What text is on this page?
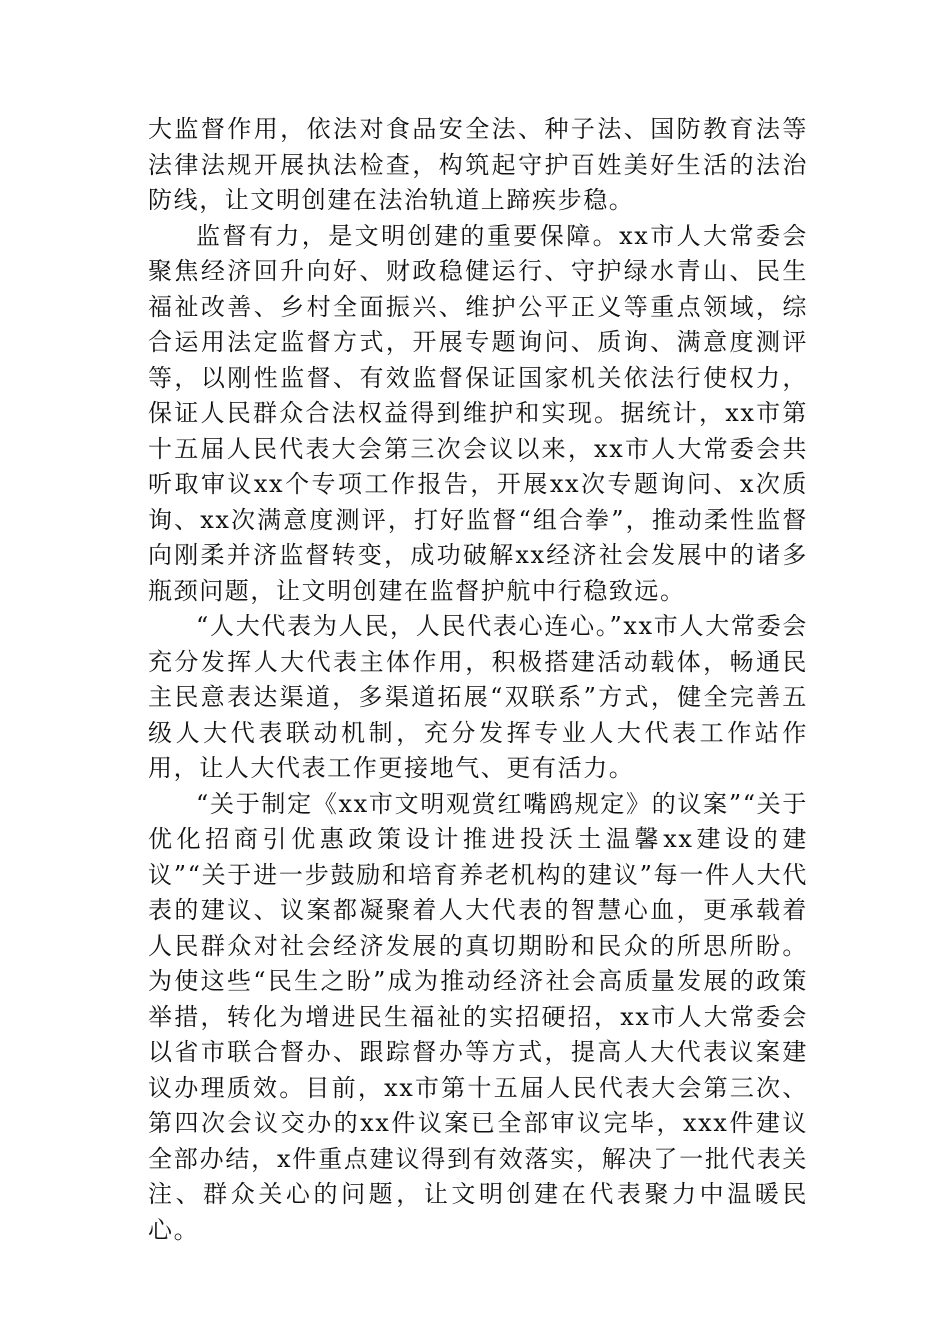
大监督作用，依法对食品安全法、种子法、国防教育法等法律法规开展执法检查，构筑起守护百姓美好生活的法治防线，让文明创建在法治轨道上蹄疾步稳。

监督有力，是文明创建的重要保障。xx市人大常委会聚焦经济回升向好、财政稳健运行、守护绿水青山、民生福祉改善、乡村全面振兴、维护公平正义等重点领域，综合运用法定监督方式，开展专题询问、质询、满意度测评等，以刚性监督、有效监督保证国家机关依法行使权力，保证人民群众合法权益得到维护和实现。据统计，xx市第十五届人民代表大会第三次会议以来，xx市人大常委会共听取审议xx个专项工作报告，开展xx次专题询问、x次质询、xx次满意度测评，打好监督“组合拳”，推动柔性监督向刚柔并济监督转变，成功破解xx经济社会发展中的诸多瓶颈问题，让文明创建在监督护航中行稳致远。

“人大代表为人民，人民代表心连心。”xx市人大常委会充分发挥人大代表主体作用，积极搭建活动载体，畅通民主民意表达渠道，多渠道拓展“双联系”方式，健全完善五级人大代表联动机制，充分发挥专业人大代表工作站作用，让人大代表工作更接地气、更有活力。

“关于制定《xx市文明观赏红嘴鸥规定》的议案”“关于优化招商引优惠政策设计推进投沃土温馨xx建设的建议”“关于进一步鼓励和培育养老机构的建议”每一件人大代表的建议、议案都凝聚着人大代表的智慧心血，更承载着人民群众对社会经济发展的真切期盼和民众的所思所盼。为使这些“民生之盼”成为推动经济社会高质量发展的政策举措，转化为增进民生福祉的实招硬招，xx市人大常委会以省市联合督办、跟踪督办等方式，提高人大代表议案建议办理质效。目前，xx市第十五届人民代表大会第三次、第四次会议交办的xx件议案已全部审议完毕，xxx件建议全部办结，x件重点建议得到有效落实，解决了一批代表关注、群众关心的问题，让文明创建在代表聚力中温暖民心。
